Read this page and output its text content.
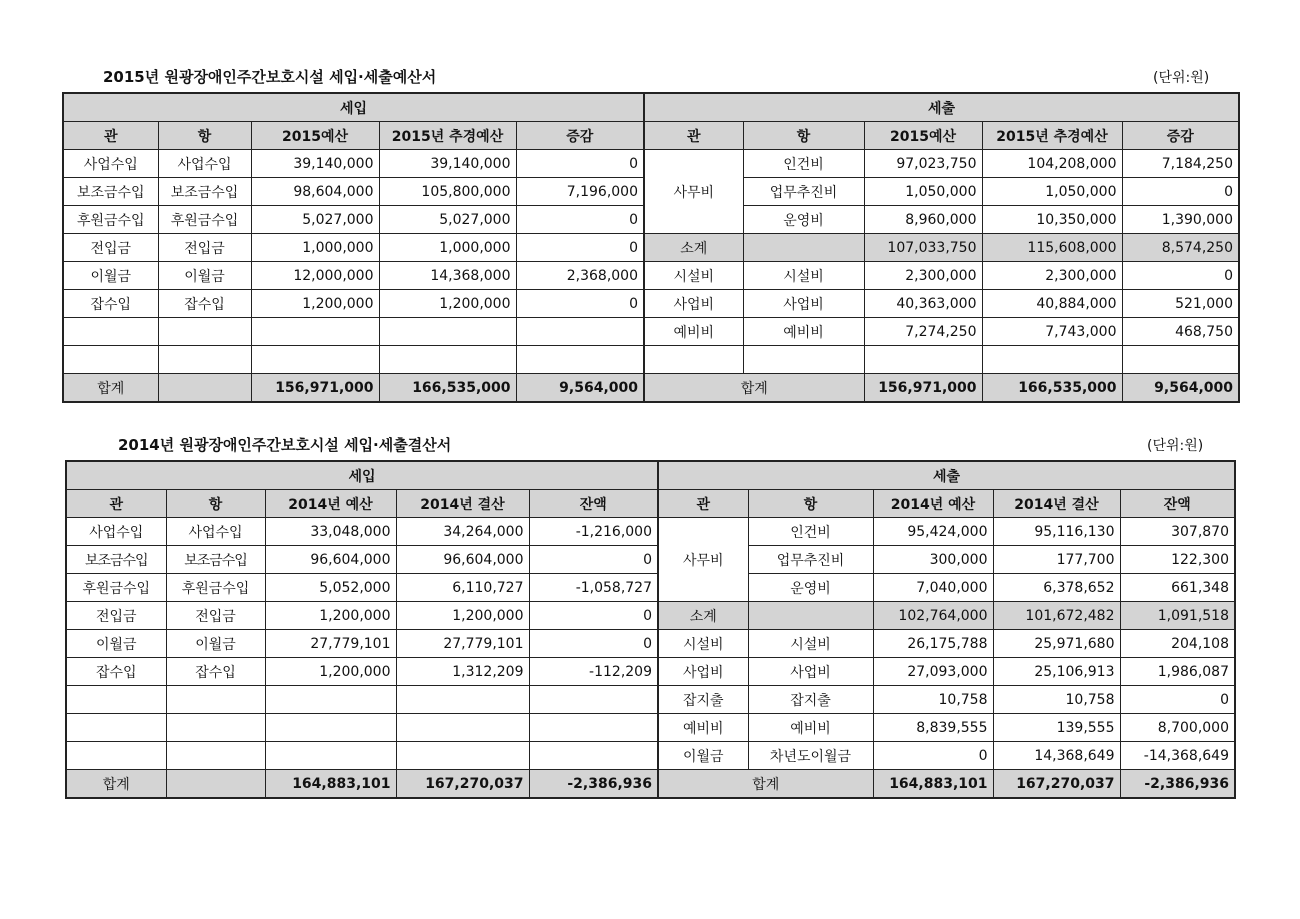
2015년 원광장애인주간보호시설 세입·세출예산서	(단위:원)
세입					세출				
관	항	2015예산	2015년 추경예산	증감	관	항	2015예산	2015년 추경예산	증감
사업수입	사업수입	39,140,000	39,140,000	0	사무비	인건비	97,023,750	104,208,000	7,184,250
보조금수입	보조금수입	98,604,000	105,800,000	7,196,000		업무추진비	1,050,000	1,050,000	0
후원금수입	후원금수입	5,027,000	5,027,000	0		운영비	8,960,000	10,350,000	1,390,000
전입금	전입금	1,000,000	1,000,000	0	소계		107,033,750	115,608,000	8,574,250
이월금	이월금	12,000,000	14,368,000	2,368,000	시설비	시설비	2,300,000	2,300,000	0
잡수입	잡수입	1,200,000	1,200,000	0	사업비	사업비	40,363,000	40,884,000	521,000
					예비비	예비비	7,274,250	7,743,000	468,750

합계		156,971,000	166,535,000	9,564,000	합계		156,971,000	166,535,000	9,564,000
2014년 원광장애인주간보호시설 세입·세출결산서	(단위:원)
세입					세출				
관	항	2014년 예산	2014년 결산	잔액	관	항	2014년 예산	2014년 결산	잔액
사업수입	사업수입	33,048,000	34,264,000	-1,216,000	사무비	인건비	95,424,000	95,116,130	307,870
보조금수입	보조금수입	96,604,000	96,604,000	0		업무추진비	300,000	177,700	122,300
후원금수입	후원금수입	5,052,000	6,110,727	-1,058,727		운영비	7,040,000	6,378,652	661,348
전입금	전입금	1,200,000	1,200,000	0	소계		102,764,000	101,672,482	1,091,518
이월금	이월금	27,779,101	27,779,101	0	시설비	시설비	26,175,788	25,971,680	204,108
잡수입	잡수입	1,200,000	1,312,209	-112,209	사업비	사업비	27,093,000	25,106,913	1,986,087
					잡지출	잡지출	10,758	10,758	0
					예비비	예비비	8,839,555	139,555	8,700,000
					이월금	차년도이월금	0	14,368,649	-14,368,649
합계		164,883,101	167,270,037	-2,386,936	합계		164,883,101	167,270,037	-2,386,936
